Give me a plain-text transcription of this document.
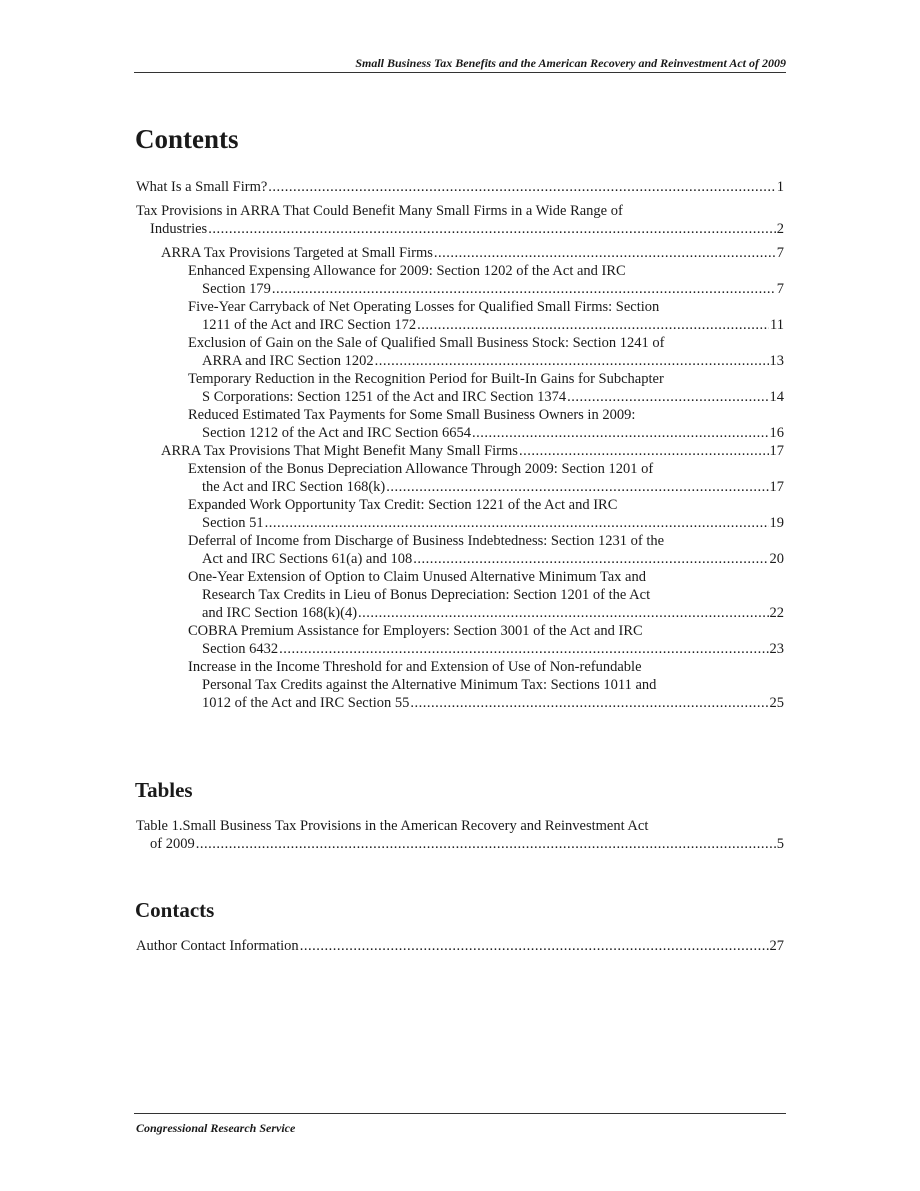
Small Business Tax Benefits and the American Recovery and Reinvestment Act of 2009
Contents
What Is a Small Firm? .....	1
Tax Provisions in ARRA That Could Benefit Many Small Firms in a Wide Range of
Industries .....	2
ARRA Tax Provisions Targeted at Small Firms .....	7
Enhanced Expensing Allowance for 2009: Section 1202 of the Act and IRC
Section 179 .....	7
Five-Year Carryback of Net Operating Losses for Qualified Small Firms: Section
1211 of the Act and IRC Section 172 .....	11
Exclusion of Gain on the Sale of Qualified Small Business Stock: Section 1241 of
ARRA and IRC Section 1202 .....	13
Temporary Reduction in the Recognition Period for Built-In Gains for Subchapter
S Corporations: Section 1251 of the Act and IRC Section 1374 .....	14
Reduced Estimated Tax Payments for Some Small Business Owners in 2009:
Section 1212 of the Act and IRC Section 6654 .....	16
ARRA Tax Provisions That Might Benefit Many Small Firms .....	17
Extension of the Bonus Depreciation Allowance Through 2009: Section 1201 of
the Act and IRC Section 168(k) .....	17
Expanded Work Opportunity Tax Credit: Section 1221 of the Act and IRC
Section 51 .....	19
Deferral of Income from Discharge of Business Indebtedness: Section 1231 of the
Act and IRC Sections 61(a) and 108 .....	20
One-Year Extension of Option to Claim Unused Alternative Minimum Tax and
Research Tax Credits in Lieu of Bonus Depreciation: Section 1201 of the Act
and IRC Section 168(k)(4) .....	22
COBRA Premium Assistance for Employers: Section 3001 of the Act and IRC
Section 6432 .....	23
Increase in the Income Threshold for and Extension of Use of Non-refundable
Personal Tax Credits against the Alternative Minimum Tax: Sections 1011 and
1012 of the Act and IRC Section 55 .....	25
Tables
Table 1.Small Business Tax Provisions in the American Recovery and Reinvestment Act
of 2009 .....	5
Contacts
Author Contact Information .....	27
Congressional Research Service
